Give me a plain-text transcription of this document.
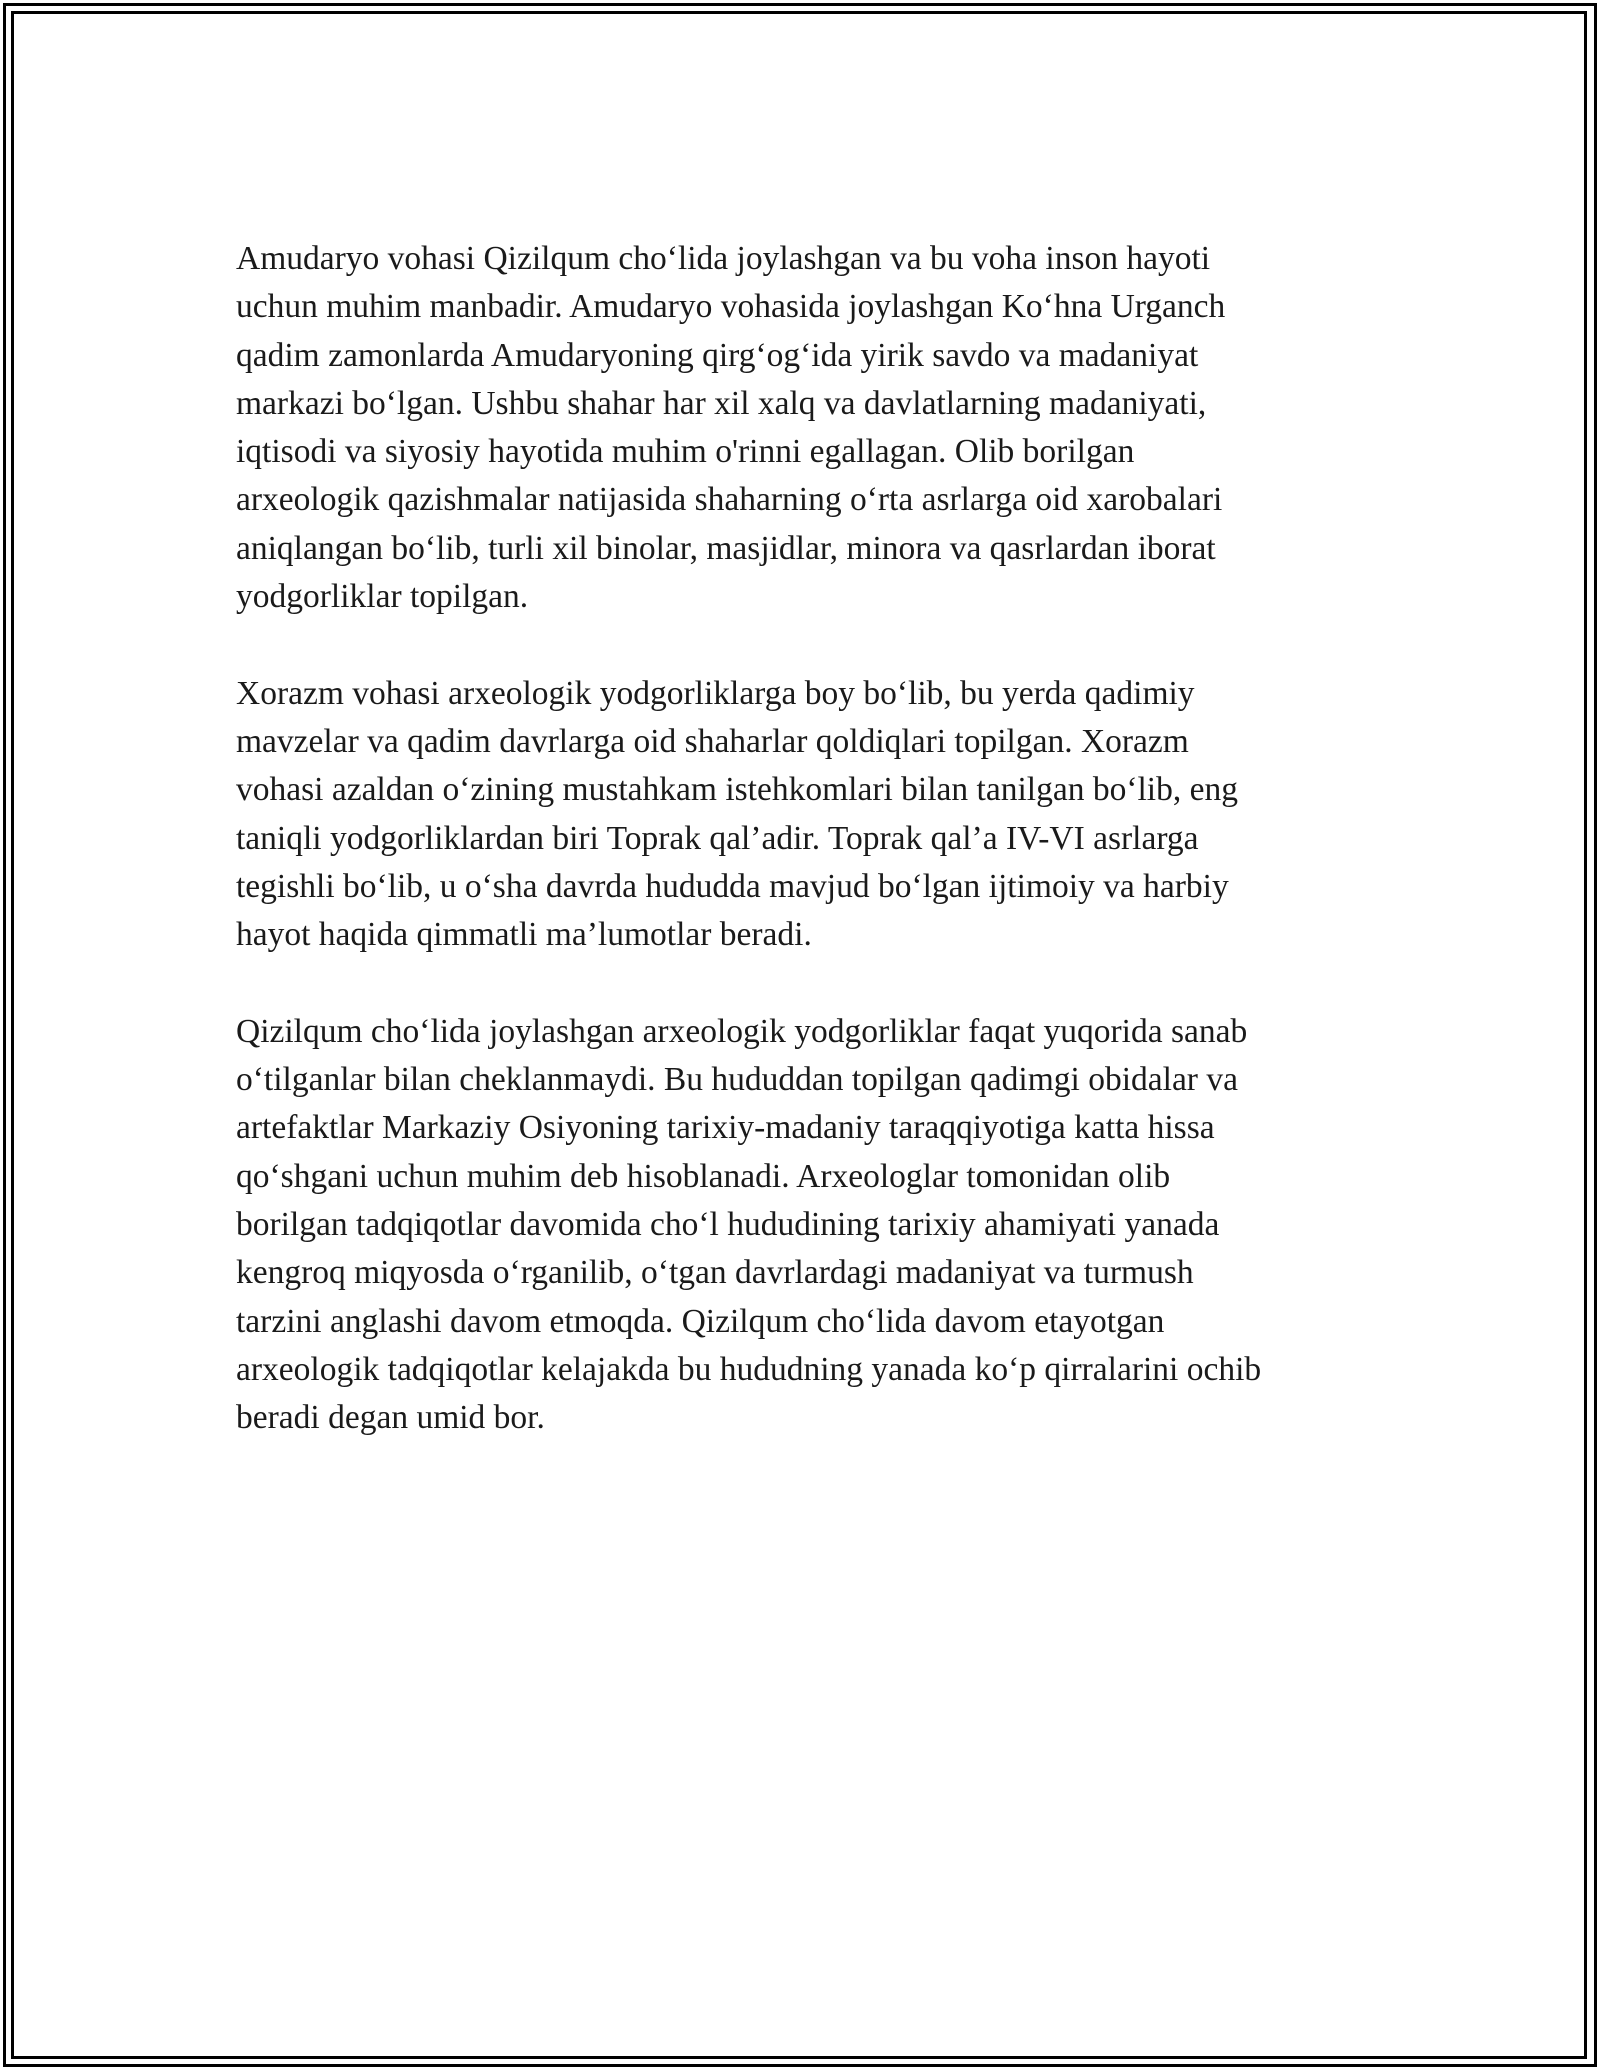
Amudaryo vohasi Qizilqum cho‘lida joylashgan va bu voha inson hayoti
uchun muhim manbadir. Amudaryo vohasida joylashgan Ko‘hna Urganch
qadim zamonlarda Amudaryoning qirg‘og‘ida yirik savdo va madaniyat
markazi bo‘lgan. Ushbu shahar har xil xalq va davlatlarning madaniyati,
iqtisodi va siyosiy hayotida muhim o'rinni egallagan. Olib borilgan
arxeologik qazishmalar natijasida shaharning o‘rta asrlarga oid xarobalari
aniqlangan bo‘lib, turli xil binolar, masjidlar, minora va qasrlardan iborat
yodgorliklar topilgan.

Xorazm vohasi arxeologik yodgorliklarga boy bo‘lib, bu yerda qadimiy
mavzelar va qadim davrlarga oid shaharlar qoldiqlari topilgan. Xorazm
vohasi azaldan o‘zining mustahkam istehkomlari bilan tanilgan bo‘lib, eng
taniqli yodgorliklardan biri Toprak qal’adir. Toprak qal’a IV-VI asrlarga
tegishli bo‘lib, u o‘sha davrda hududda mavjud bo‘lgan ijtimoiy va harbiy
hayot haqida qimmatli ma’lumotlar beradi.

Qizilqum cho‘lida joylashgan arxeologik yodgorliklar faqat yuqorida sanab
o‘tilganlar bilan cheklanmaydi. Bu hududdan topilgan qadimgi obidalar va
artefaktlar Markaziy Osiyoning tarixiy-madaniy taraqqiyotiga katta hissa
qo‘shgani uchun muhim deb hisoblanadi. Arxeologlar tomonidan olib
borilgan tadqiqotlar davomida cho‘l hududining tarixiy ahamiyati yanada
kengroq miqyosda o‘rganilib, o‘tgan davrlardagi madaniyat va turmush
tarzini anglashi davom etmoqda. Qizilqum cho‘lida davom etayotgan
arxeologik tadqiqotlar kelajakda bu hududning yanada ko‘p qirralarini ochib
beradi degan umid bor.
